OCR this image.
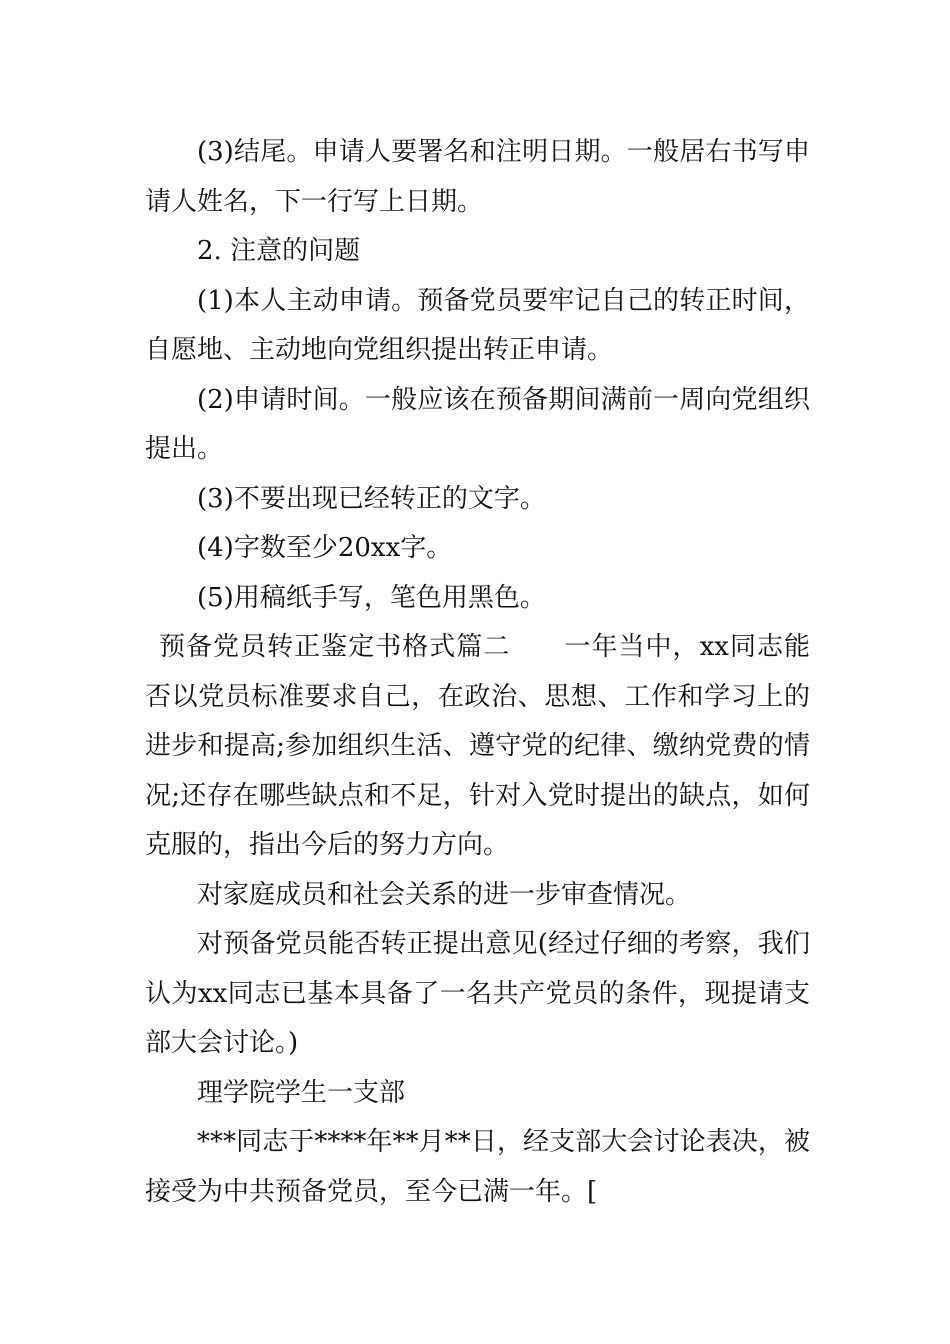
(3)结尾。申请人要署名和注明日期。一般居右书写申请人姓名，下一行写上日期。

2. 注意的问题

(1)本人主动申请。预备党员要牢记自己的转正时间，自愿地、主动地向党组织提出转正申请。

(2)申请时间。一般应该在预备期间满前一周向党组织提出。

(3)不要出现已经转正的文字。

(4)字数至少20xx字。

(5)用稿纸手写，笔色用黑色。

预备党员转正鉴定书格式篇二　　一年当中，xx同志能否以党员标准要求自己，在政治、思想、工作和学习上的进步和提高;参加组织生活、遵守党的纪律、缴纳党费的情况;还存在哪些缺点和不足，针对入党时提出的缺点，如何克服的，指出今后的努力方向。

对家庭成员和社会关系的进一步审查情况。

对预备党员能否转正提出意见(经过仔细的考察，我们认为xx同志已基本具备了一名共产党员的条件，现提请支部大会讨论。)

理学院学生一支部

***同志于****年**月**日，经支部大会讨论表决，被接受为中共预备党员，至今已满一年。[
